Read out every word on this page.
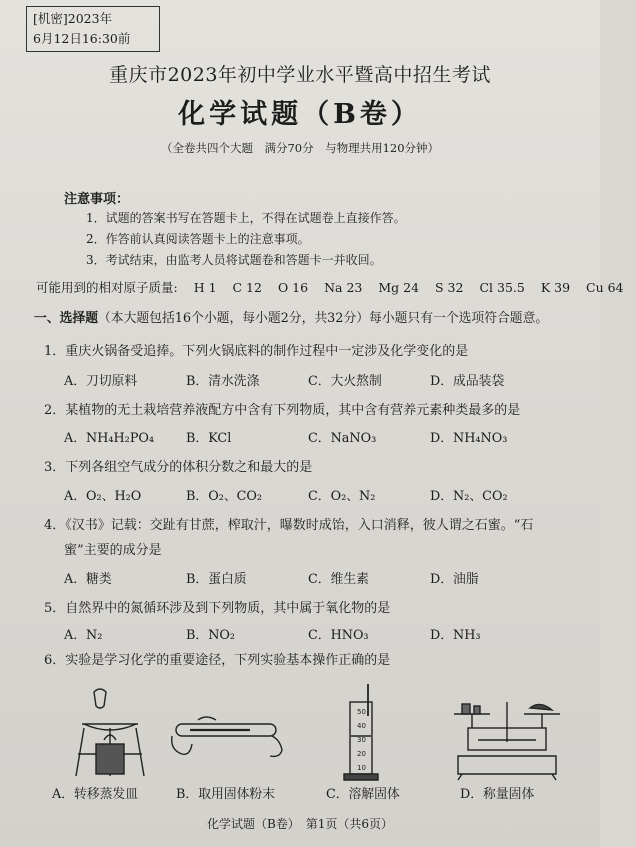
[机密]2023年
6月12日16:30前
重庆市2023年初中学业水平暨高中招生考试
化学试题（B卷）
（全卷共四个大题　满分70分　与物理共用120分钟）
注意事项：
1．试题的答案书写在答题卡上，不得在试题卷上直接作答。
2．作答前认真阅读答题卡上的注意事项。
3．考试结束，由监考人员将试题卷和答题卡一并收回。
可能用到的相对原子质量: H 1 C 12 O 16 Na 23 Mg 24 S 32 Cl 35.5 K 39 Cu 64
一、选择题（本大题包括16个小题，每小题2分，共32分）每小题只有一个选项符合题意。
1．重庆火锅备受追捧。下列火锅底料的制作过程中一定涉及化学变化的是
A．刀切原料	B．清水洗涤	C．大火熬制	D．成品装袋
2．某植物的无土栽培营养液配方中含有下列物质，其中含有营养元素种类最多的是
A．NH₄H₂PO₄ B．KCl	C．NaNO₃	D．NH₄NO₃
3．下列各组空气成分的体积分数之和最大的是
A．O₂、H₂O	B．O₂、CO₂	C．O₂、N₂	D．N₂、CO₂
4．《汉书》记载：交趾有甘蔗，榨取汁，曝数时成饴，入口消释，彼人谓之石蜜。“石
蜜”主要的成分是
A．糖类	B．蛋白质	C．维生素	D．油脂
5．自然界中的氮循环涉及到下列物质，其中属于氧化物的是
A．N₂	B．NO₂	C．HNO₃	D．NH₃
6．实验是学习化学的重要途径，下列实验基本操作正确的是
50
40
30
20
10
A．转移蒸发皿	B．取用固体粉末	C．溶解固体	D．称量固体
化学试题（B卷）　第1页（共6页）
